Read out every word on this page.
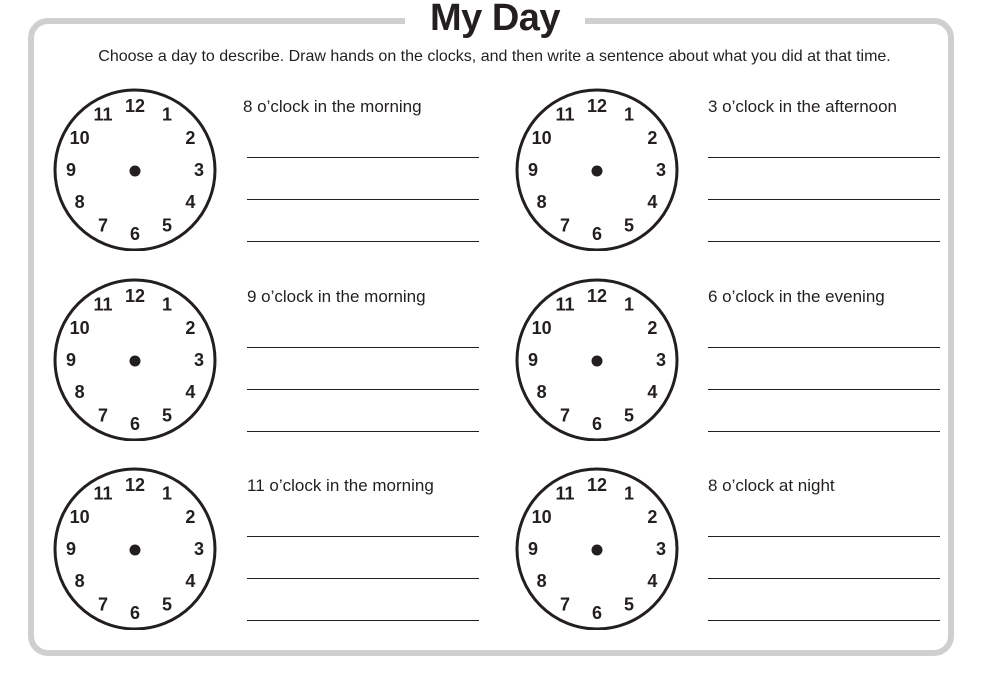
My Day
Choose a day to describe. Draw hands on the clocks, and then write a sentence about what you did at that time.
12 1
2
3
4
5
6
7
8
9
10
11	8 o’clock in the morning	12 1
2
3
4
5
6
7
8
9
10
11	3 o’clock in the afternoon
12 1
2
3
4
5
6
7
8
9
10
11	9 o’clock in the morning	12 1
2
3
4
5
6
7
8
9
10
11	6 o’clock in the evening
12 1
2
3
4
5
6
7
8
9
10
11	11 o’clock in the morning	12 1
2
3
4
5
6
7
8
9
10
11	8 o’clock at night
